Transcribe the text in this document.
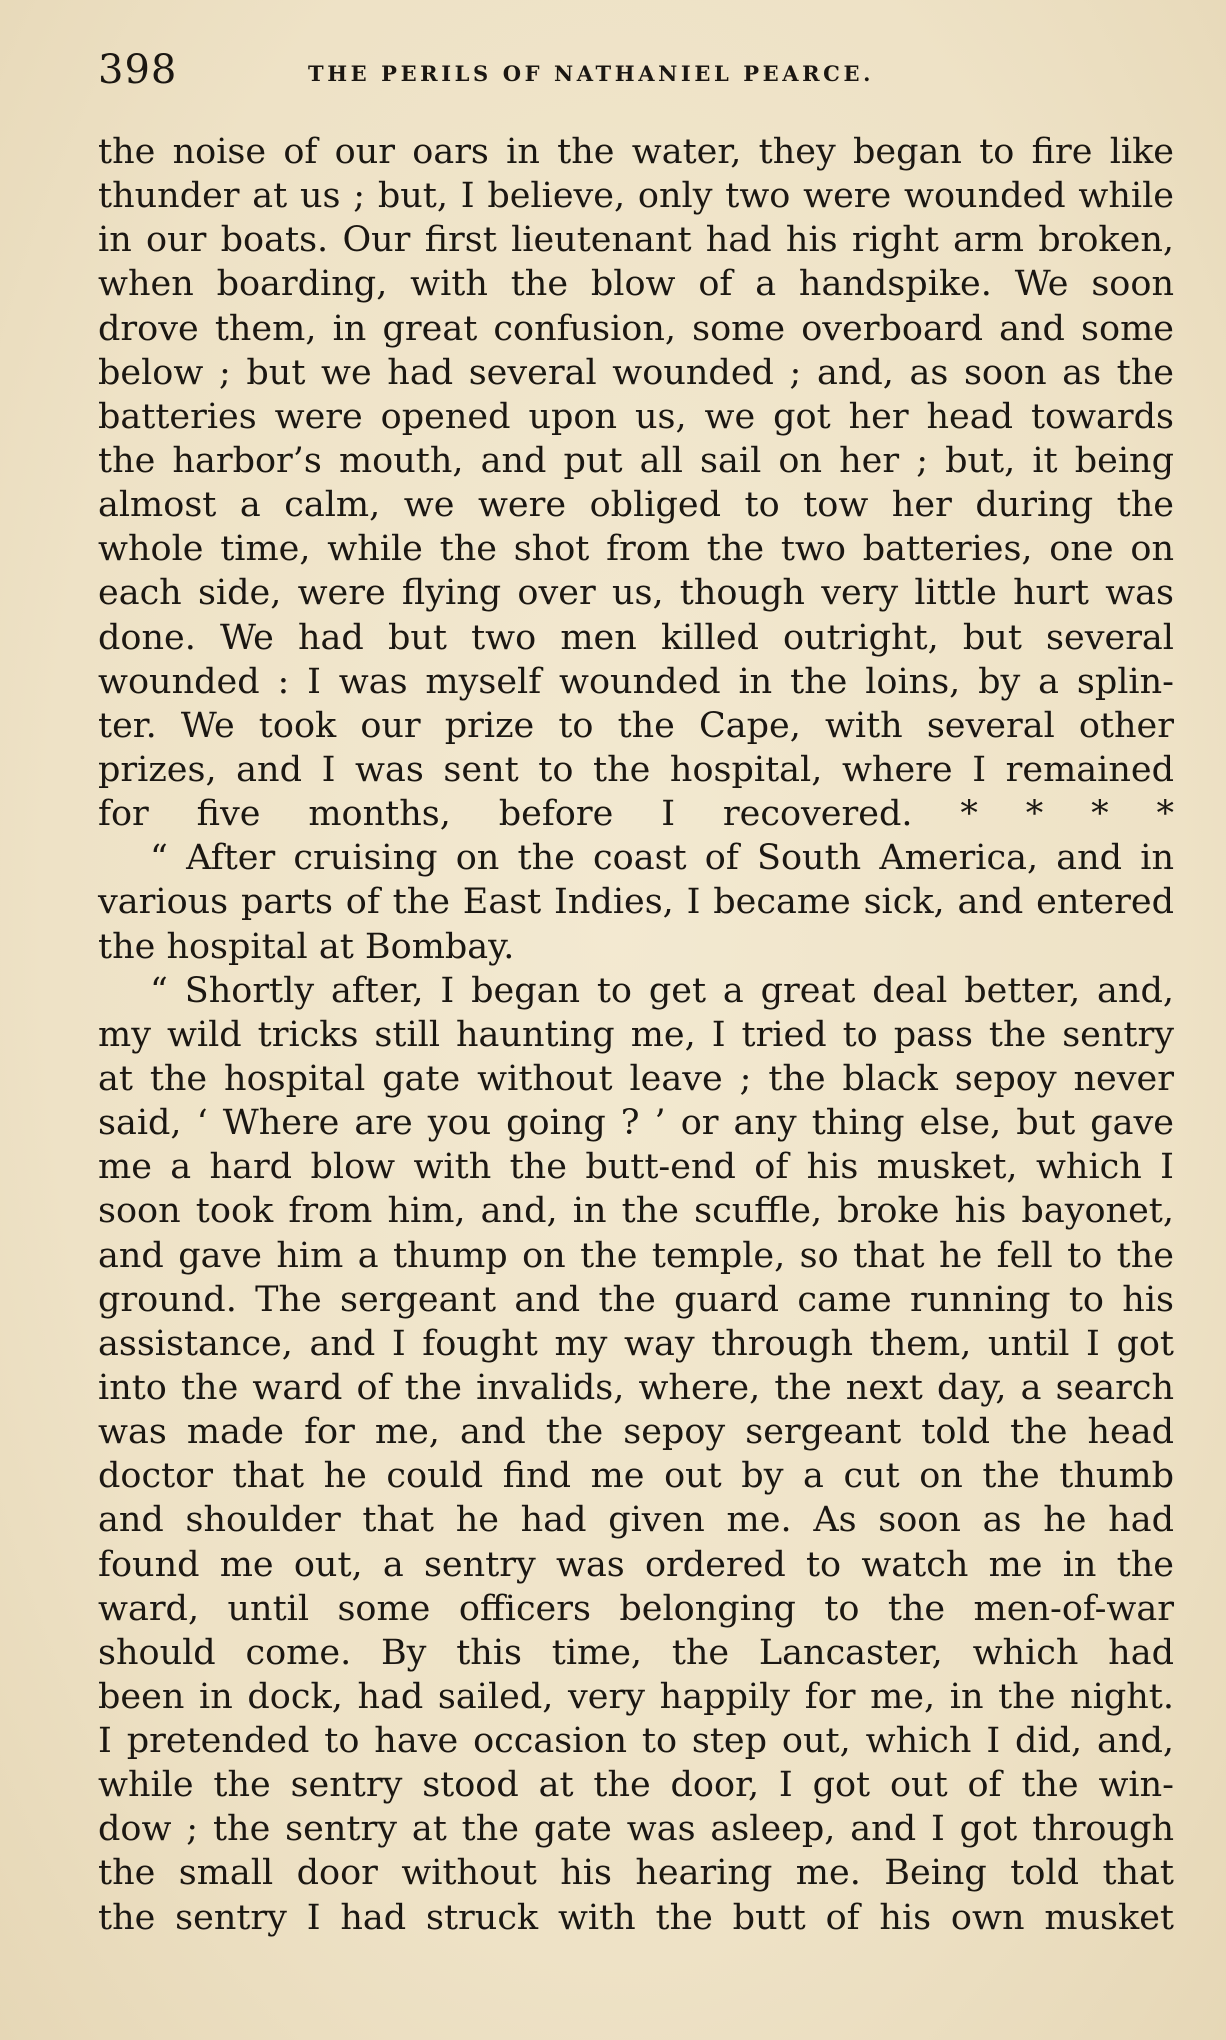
398	THE PERILS OF NATHANIEL PEARCE.
the noise of our oars in the water, they began to fire like
thunder at us ; but, I believe, only two were wounded while
in our boats. Our first lieutenant had his right arm broken,
when boarding, with the blow of a handspike. We soon
drove them, in great confusion, some overboard and some
below ; but we had several wounded ; and, as soon as the
batteries were opened upon us, we got her head towards
the harbor’s mouth, and put all sail on her ; but, it being
almost a calm, we were obliged to tow her during the
whole time, while the shot from the two batteries, one on
each side, were flying over us, though very little hurt was
done. We had but two men killed outright, but several
wounded : I was myself wounded in the loins, by a splin-
ter. We took our prize to the Cape, with several other
prizes, and I was sent to the hospital, where I remained
for five months, before I recovered. * * * *
“ After cruising on the coast of South America, and in
various parts of the East Indies, I became sick, and entered
the hospital at Bombay.
“ Shortly after, I began to get a great deal better, and,
my wild tricks still haunting me, I tried to pass the sentry
at the hospital gate without leave ; the black sepoy never
said, ‘ Where are you going ? ’ or any thing else, but gave
me a hard blow with the butt-end of his musket, which I
soon took from him, and, in the scuffle, broke his bayonet,
and gave him a thump on the temple, so that he fell to the
ground. The sergeant and the guard came running to his
assistance, and I fought my way through them, until I got
into the ward of the invalids, where, the next day, a search
was made for me, and the sepoy sergeant told the head
doctor that he could find me out by a cut on the thumb
and shoulder that he had given me. As soon as he had
found me out, a sentry was ordered to watch me in the
ward, until some officers belonging to the men-of-war
should come. By this time, the Lancaster, which had
been in dock, had sailed, very happily for me, in the night.
I pretended to have occasion to step out, which I did, and,
while the sentry stood at the door, I got out of the win-
dow ; the sentry at the gate was asleep, and I got through
the small door without his hearing me. Being told that
the sentry I had struck with the butt of his own musket
